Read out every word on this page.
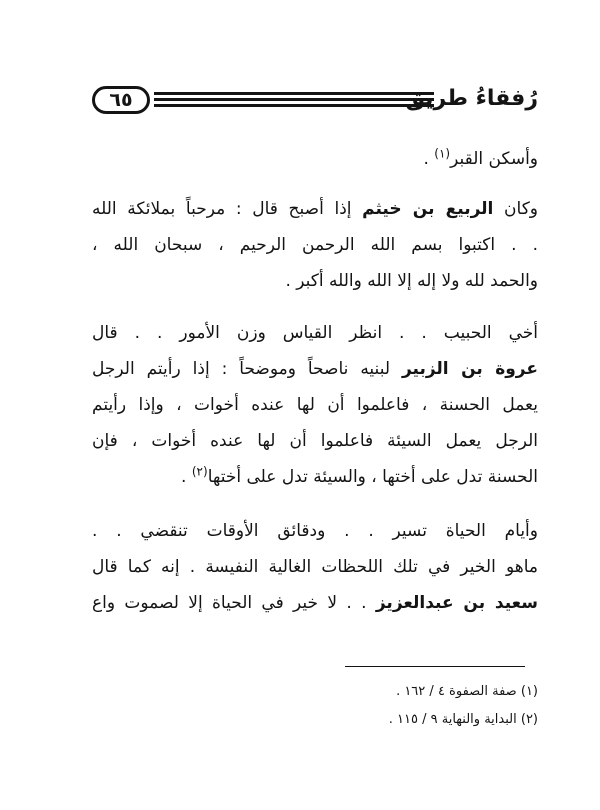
٦٥	رُفقاءُ طريق
وأسكن القبر$^{(١)}$ .
وكان الربيع بن خيثم إذا أصبح قال : مرحباً بملائكة الله
. . اكتبوا بسم الله الرحمن الرحيم ، سبحان الله ،
والحمد لله ولا إله إلا الله والله أكبر .
أخي الحبيب . . انظر القياس وزن الأمور . . قال
عروة بن الزبير لبنيه ناصحاً وموضحاً : إذا رأيتم الرجل
يعمل الحسنة ، فاعلموا أن لها عنده أخوات ، وإذا رأيتم
الرجل يعمل السيئة فاعلموا أن لها عنده أخوات ، فإن
الحسنة تدل على أختها ، والسيئة تدل على أختها$^{(٢)}$ .
وأيام الحياة تسير . . ودقائق الأوقات تنقضي . .
ماهو الخير في تلك اللحظات الغالية النفيسة . إنه كما قال
سعيد بن عبدالعزيز . . لا خير في الحياة إلا لصموت واع
(١) صفة الصفوة ٤ / ١٦٢ .
(٢) البداية والنهاية ٩ / ١١٥ .
